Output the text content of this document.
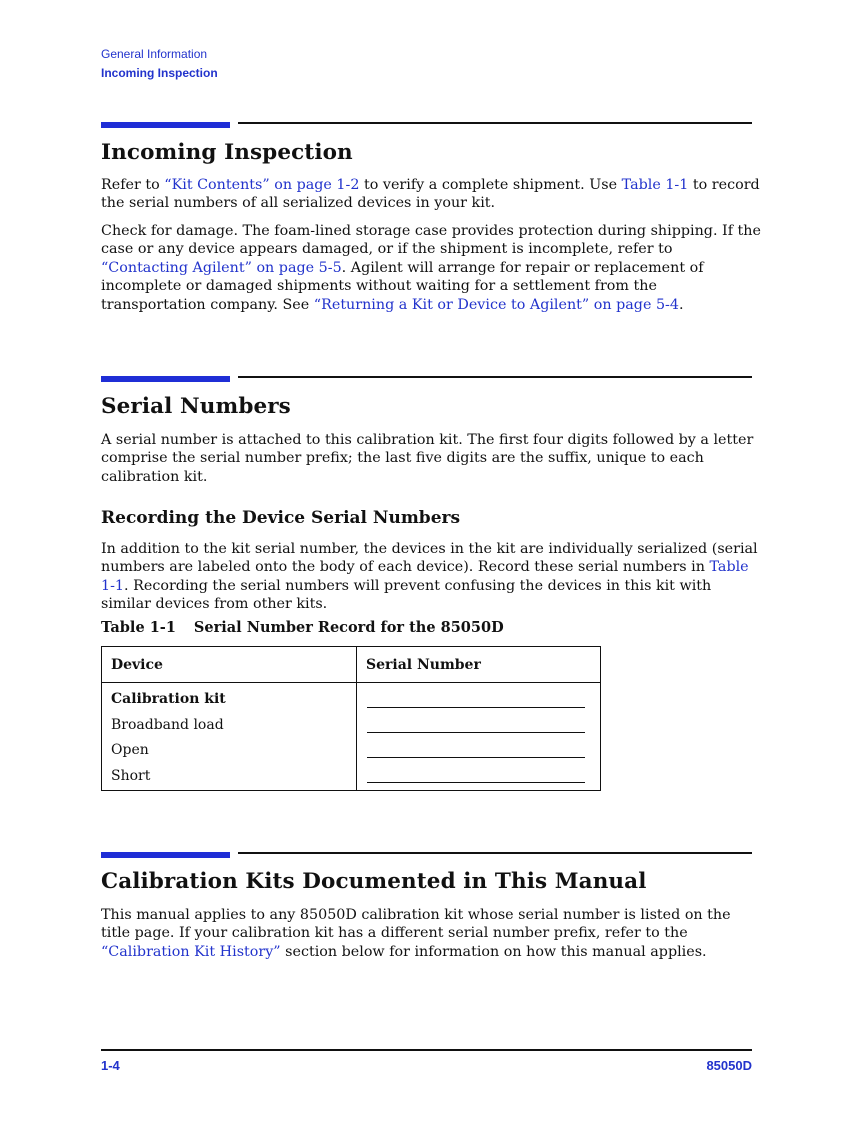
General Information
Incoming Inspection
Incoming Inspection

Refer to “Kit Contents” on page 1-2 to verify a complete shipment. Use Table 1-1 to record the serial numbers of all serialized devices in your kit.

Check for damage. The foam-lined storage case provides protection during shipping. If the case or any device appears damaged, or if the shipment is incomplete, refer to “Contacting Agilent” on page 5-5. Agilent will arrange for repair or replacement of incomplete or damaged shipments without waiting for a settlement from the transportation company. See “Returning a Kit or Device to Agilent” on page 5-4.

Serial Numbers

A serial number is attached to this calibration kit. The first four digits followed by a letter comprise the serial number prefix; the last five digits are the suffix, unique to each calibration kit.

Recording the Device Serial Numbers

In addition to the kit serial number, the devices in the kit are individually serialized (serial numbers are labeled onto the body of each device). Record these serial numbers in Table 1-1. Recording the serial numbers will prevent confusing the devices in this kit with similar devices from other kits.

Table 1-1 Serial Number Record for the 85050D
Device	Serial Number
Calibration kit
Broadband load
Open
Short
Calibration Kits Documented in This Manual

This manual applies to any 85050D calibration kit whose serial number is listed on the title page. If your calibration kit has a different serial number prefix, refer to the “Calibration Kit History” section below for information on how this manual applies.

1-4	85050D
